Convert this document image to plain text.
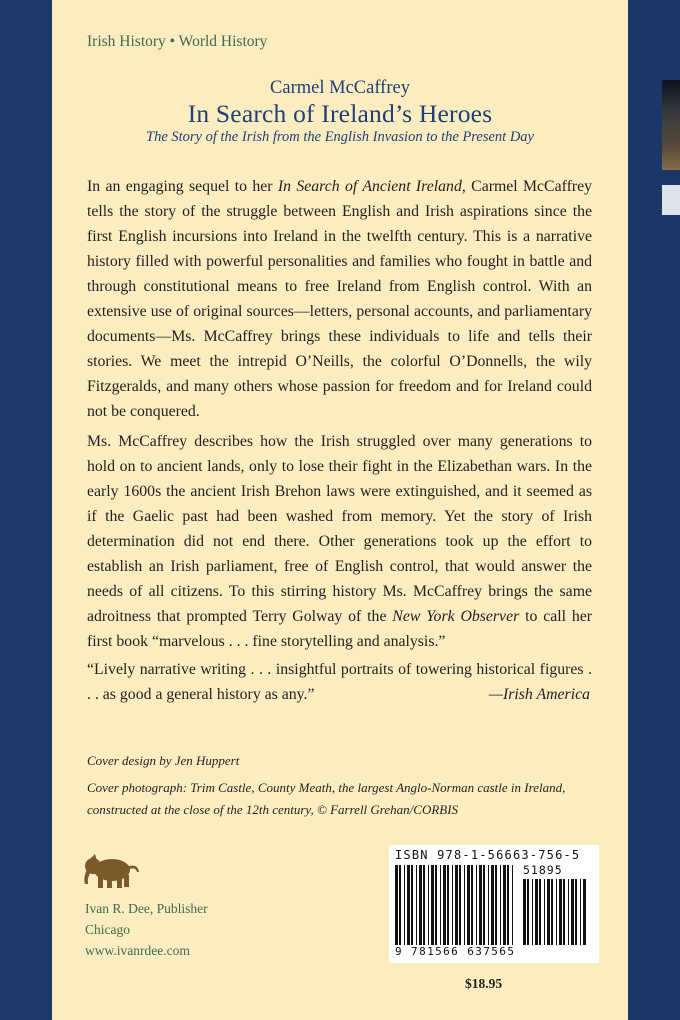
Irish History • World History
Carmel McCaffrey
In Search of Ireland’s Heroes
The Story of the Irish from the English Invasion to the Present Day
In an engaging sequel to her In Search of Ancient Ireland, Carmel McCaffrey tells the story of the struggle between English and Irish aspirations since the first English incursions into Ireland in the twelfth century. This is a narrative history filled with powerful personalities and families who fought in battle and through constitutional means to free Ireland from English control. With an extensive use of original sources—letters, personal accounts, and parliamentary documents—Ms. McCaffrey brings these individuals to life and tells their stories. We meet the intrepid O’Neills, the colorful O’Donnells, the wily Fitzgeralds, and many others whose passion for freedom and for Ireland could not be conquered.
Ms. McCaffrey describes how the Irish struggled over many generations to hold on to ancient lands, only to lose their fight in the Elizabethan wars. In the early 1600s the ancient Irish Brehon laws were extinguished, and it seemed as if the Gaelic past had been washed from memory. Yet the story of Irish determination did not end there. Other generations took up the effort to establish an Irish parliament, free of English control, that would answer the needs of all citizens. To this stirring history Ms. McCaffrey brings the same adroitness that prompted Terry Golway of the New York Observer to call her first book “marvelous . . . fine storytelling and analysis.”
“Lively narrative writing . . . insightful portraits of towering historical figures . . . as good a general history as any.”	—Irish America
Cover design by Jen Huppert
Cover photograph: Trim Castle, County Meath, the largest Anglo-Norman castle in Ireland, constructed at the close of the 12th century, © Farrell Grehan/CORBIS
Ivan R. Dee, Publisher
Chicago
www.ivanrdee.com
ISBN 978-1-56663-756-5
51895
9 781566 637565
$18.95
